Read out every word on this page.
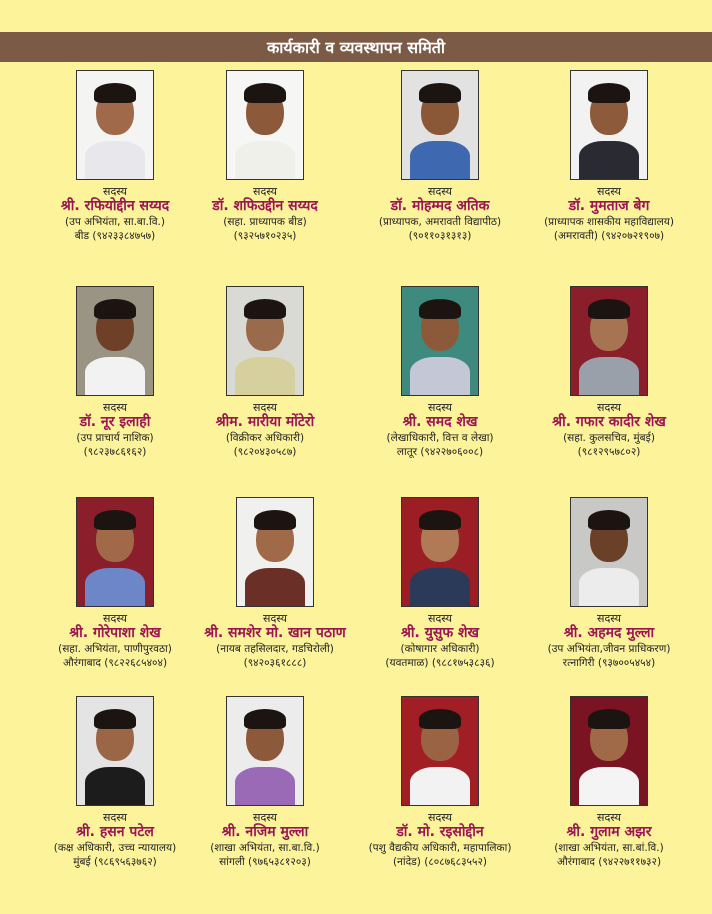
कार्यकारी व व्यवस्थापन समिती
सदस्य
श्री. रफियोद्दीन सय्यद
(उप अभियंता, सा.बा.वि.)
बीड (९४२३३८४७५७)
सदस्य
डॉ. शफिउद्दीन सय्यद
(सहा. प्राध्यापक बीड)
(९३२५७१०२३५)
सदस्य
डॉ. मोहम्मद अतिक
(प्राध्यापक, अमरावती विद्यापीठ)
(९०११०३१३१३)
सदस्य
डॉ. मुमताज बेग
(प्राध्यापक शासकीय महाविद्यालय)
(अमरावती) (९४२०७२१९०७)
सदस्य
डॉ. नूर इलाही
(उप प्राचार्य नाशिक)
(९८२३७८६१६२)
सदस्य
श्रीम. मारीया मोंटेरो
(विक्रीकर अधिकारी)
(९८२०४३०५८७)
सदस्य
श्री. समद शेख
(लेखाधिकारी, वित्त व लेखा)
लातूर (९४२२७०६००८)
सदस्य
श्री. गफार कादीर शेख
(सहा. कुलसचिव, मुंबई)
(९८१२९५७८०२)
सदस्य
श्री. गोरेपाशा शेख
(सहा. अभियंता, पाणीपुरवठा)
औरंगाबाद (९८२२६८५४०४)
सदस्य
श्री. समशेर मो. खान पठाण
(नायब तहसिलदार, गडचिरोली)
(९४२०३६१८८८)
सदस्य
श्री. युसुफ शेख
(कोषागार अधिकारी)
(यवतमाळ) (९८८१७५३८३६)
सदस्य
श्री. अहमद मुल्ला
(उप अभियंता,जीवन प्राधिकरण)
रत्नागिरी (९३७००५४५४)
सदस्य
श्री. हसन पटेल
(कक्ष अधिकारी, उच्च न्यायालय)
मुंबई (९८६९५६३७६२)
सदस्य
श्री. नजिम मुल्ला
(शाखा अभियंता, सा.बा.वि.)
सांगली (९७६५३८१२०३)
सदस्य
डॉ. मो. रइसोद्दीन
(पशु वैद्यकीय अधिकारी, महापालिका)
(नांदेड) (८०८७६८३५५२)
सदस्य
श्री. गुलाम अझर
(शाखा अभियंता, सा.बां.वि.)
औरंगाबाद (९४२२७११७३२)
